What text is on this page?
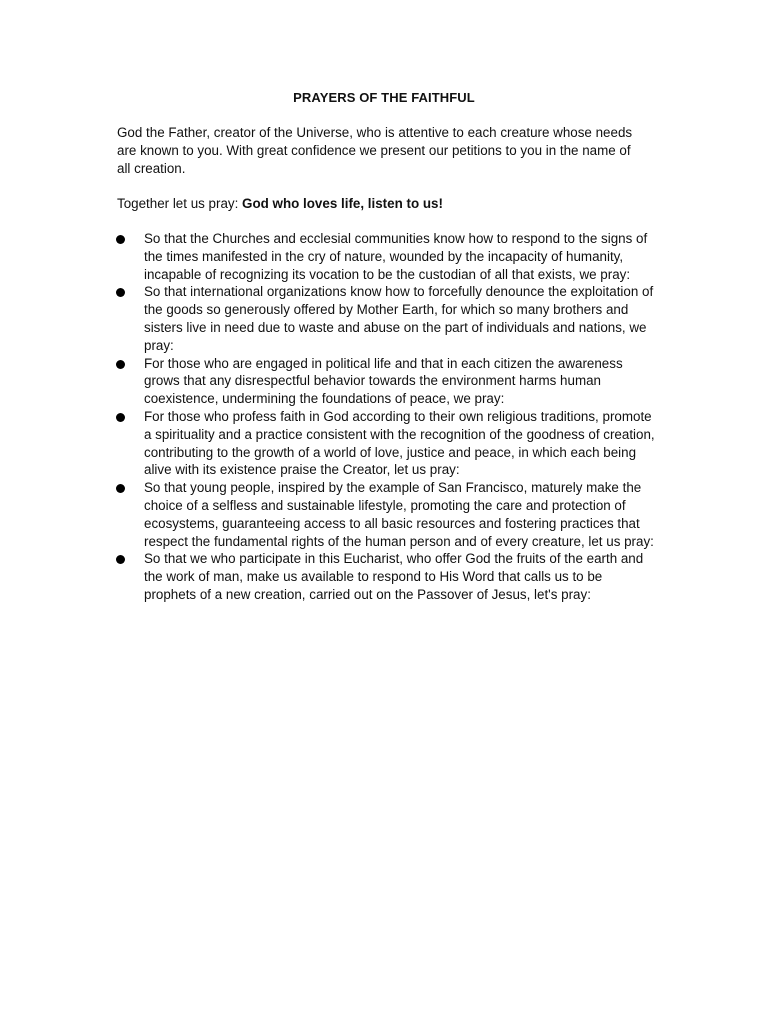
PRAYERS OF THE FAITHFUL

God the Father, creator of the Universe, who is attentive to each creature whose needs are known to you. With great confidence we present our petitions to you in the name of all creation.

Together let us pray: God who loves life, listen to us!

So that the Churches and ecclesial communities know how to respond to the signs of the times manifested in the cry of nature, wounded by the incapacity of humanity, incapable of recognizing its vocation to be the custodian of all that exists, we pray:
So that international organizations know how to forcefully denounce the exploitation of the goods so generously offered by Mother Earth, for which so many brothers and sisters live in need due to waste and abuse on the part of individuals and nations, we pray:
For those who are engaged in political life and that in each citizen the awareness grows that any disrespectful behavior towards the environment harms human coexistence, undermining the foundations of peace, we pray:
For those who profess faith in God according to their own religious traditions, promote a spirituality and a practice consistent with the recognition of the goodness of creation, contributing to the growth of a world of love, justice and peace, in which each being alive with its existence praise the Creator, let us pray:
So that young people, inspired by the example of San Francisco, maturely make the choice of a selfless and sustainable lifestyle, promoting the care and protection of ecosystems, guaranteeing access to all basic resources and fostering practices that respect the fundamental rights of the human person and of every creature, let us pray:
So that we who participate in this Eucharist, who offer God the fruits of the earth and the work of man, make us available to respond to His Word that calls us to be prophets of a new creation, carried out on the Passover of Jesus, let's pray:
